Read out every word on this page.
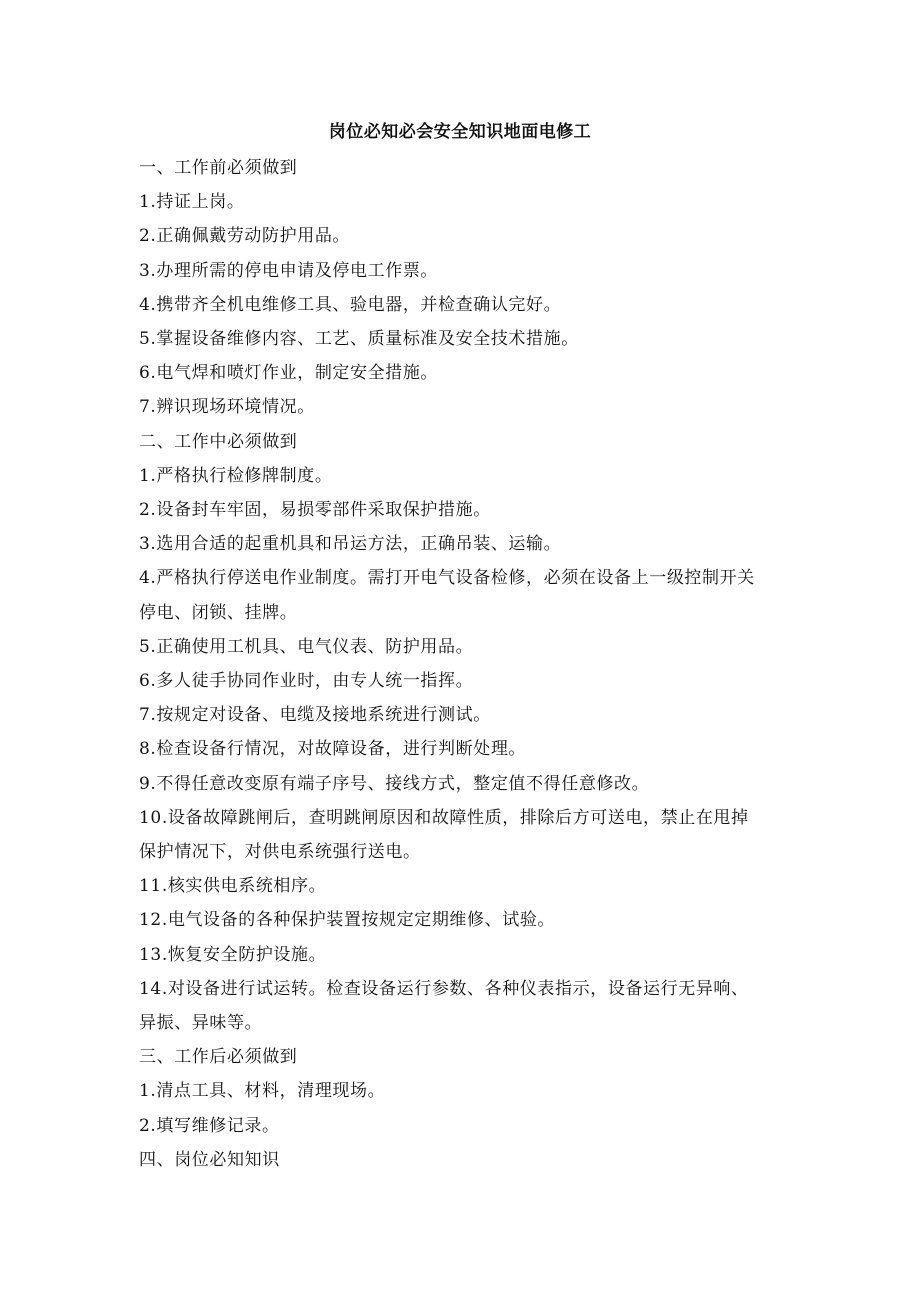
岗位必知必会安全知识地面电修工
一、工作前必须做到
1.持证上岗。
2.正确佩戴劳动防护用品。
3.办理所需的停电申请及停电工作票。
4.携带齐全机电维修工具、验电器，并检查确认完好。
5.掌握设备维修内容、工艺、质量标准及安全技术措施。
6.电气焊和喷灯作业，制定安全措施。
7.辨识现场环境情况。
二、工作中必须做到
1.严格执行检修牌制度。
2.设备封车牢固，易损零部件采取保护措施。
3.选用合适的起重机具和吊运方法，正确吊装、运输。
4.严格执行停送电作业制度。需打开电气设备检修，必须在设备上一级控制开关
停电、闭锁、挂牌。
5.正确使用工机具、电气仪表、防护用品。
6.多人徒手协同作业时，由专人统一指挥。
7.按规定对设备、电缆及接地系统进行测试。
8.检查设备行情况，对故障设备，进行判断处理。
9.不得任意改变原有端子序号、接线方式，整定值不得任意修改。
10.设备故障跳闸后，查明跳闸原因和故障性质，排除后方可送电，禁止在甩掉
保护情况下，对供电系统强行送电。
11.核实供电系统相序。
12.电气设备的各种保护装置按规定定期维修、试验。
13.恢复安全防护设施。
14.对设备进行试运转。检查设备运行参数、各种仪表指示，设备运行无异响、
异振、异味等。
三、工作后必须做到
1.清点工具、材料，清理现场。
2.填写维修记录。
四、岗位必知知识
